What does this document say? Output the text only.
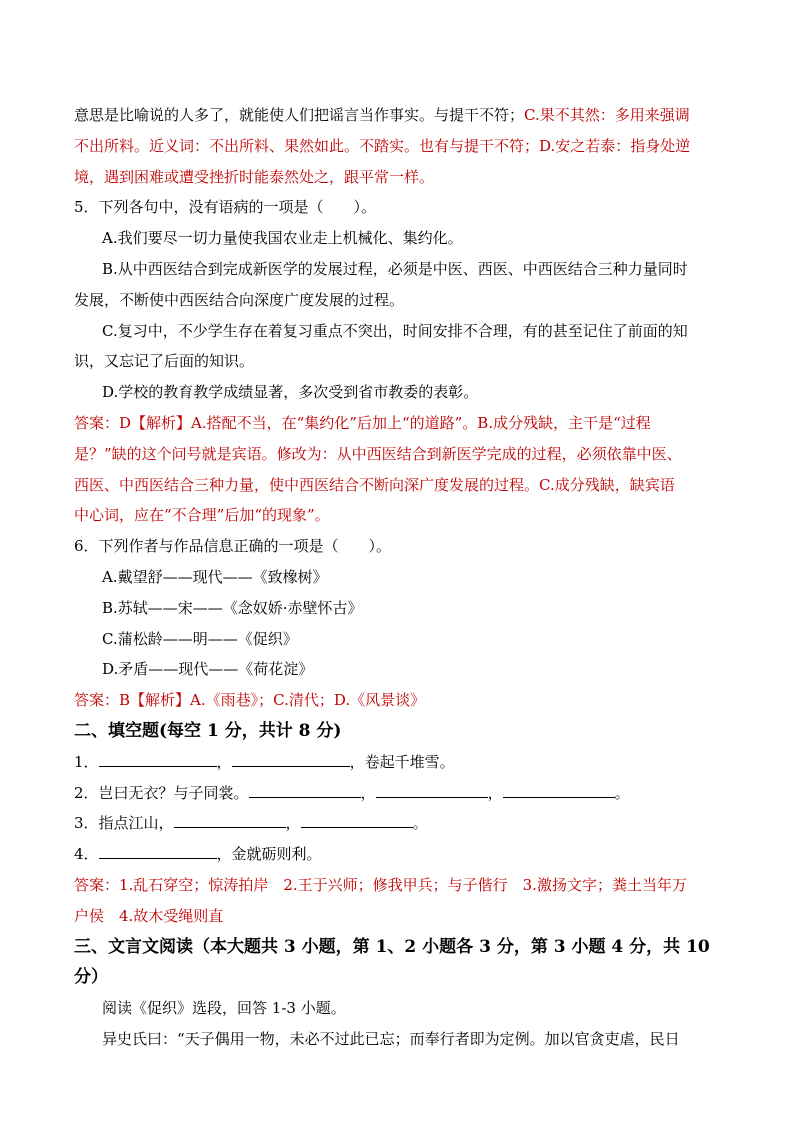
意思是比喻说的人多了，就能使人们把谣言当作事实。与提干不符；C.果不其然：多用来强调
不出所料。近义词：不出所料、果然如此。不踏实。也有与提干不符；D.安之若泰：指身处逆
境，遇到困难或遭受挫折时能泰然处之，跟平常一样。
5．下列各句中，没有语病的一项是（　　）。
A.我们要尽一切力量使我国农业走上机械化、集约化。
B.从中西医结合到完成新医学的发展过程，必须是中医、西医、中西医结合三种力量同时
发展，不断使中西医结合向深度广度发展的过程。
C.复习中，不少学生存在着复习重点不突出，时间安排不合理，有的甚至记住了前面的知
识，又忘记了后面的知识。
D.学校的教育教学成绩显著，多次受到省市教委的表彰。
答案：D【解析】A.搭配不当，在“集约化”后加上“的道路”。B.成分残缺，主干是“过程
是？”缺的这个问号就是宾语。修改为：从中西医结合到新医学完成的过程，必须依靠中医、
西医、中西医结合三种力量，使中西医结合不断向深广度发展的过程。C.成分残缺，缺宾语
中心词，应在“不合理”后加“的现象”。
6．下列作者与作品信息正确的一项是（　　）。
A.戴望舒——现代——《致橡树》
B.苏轼——宋——《念奴娇·赤壁怀古》
C.蒲松龄——明——《促织》
D.矛盾——现代——《荷花淀》
答案：B【解析】A.《雨巷》；C.清代；D.《风景谈》
二、填空题(每空 1 分，共计 8 分)
1．	，	，卷起千堆雪。
2．岂曰无衣？与子同裳。	，	，	。
3．指点江山，	，	。
4．	，金就砺则利。
答案：1.乱石穿空；惊涛拍岸　2.王于兴师；修我甲兵；与子偕行　3.激扬文字；粪土当年万
户侯　4.故木受绳则直
三、文言文阅读（本大题共 3 小题，第 1、2 小题各 3 分，第 3 小题 4 分，共 10
分）
阅读《促织》选段，回答 1-3 小题。
异史氏曰：“天子偶用一物，未必不过此已忘；而奉行者即为定例。加以官贪吏虐，民日
